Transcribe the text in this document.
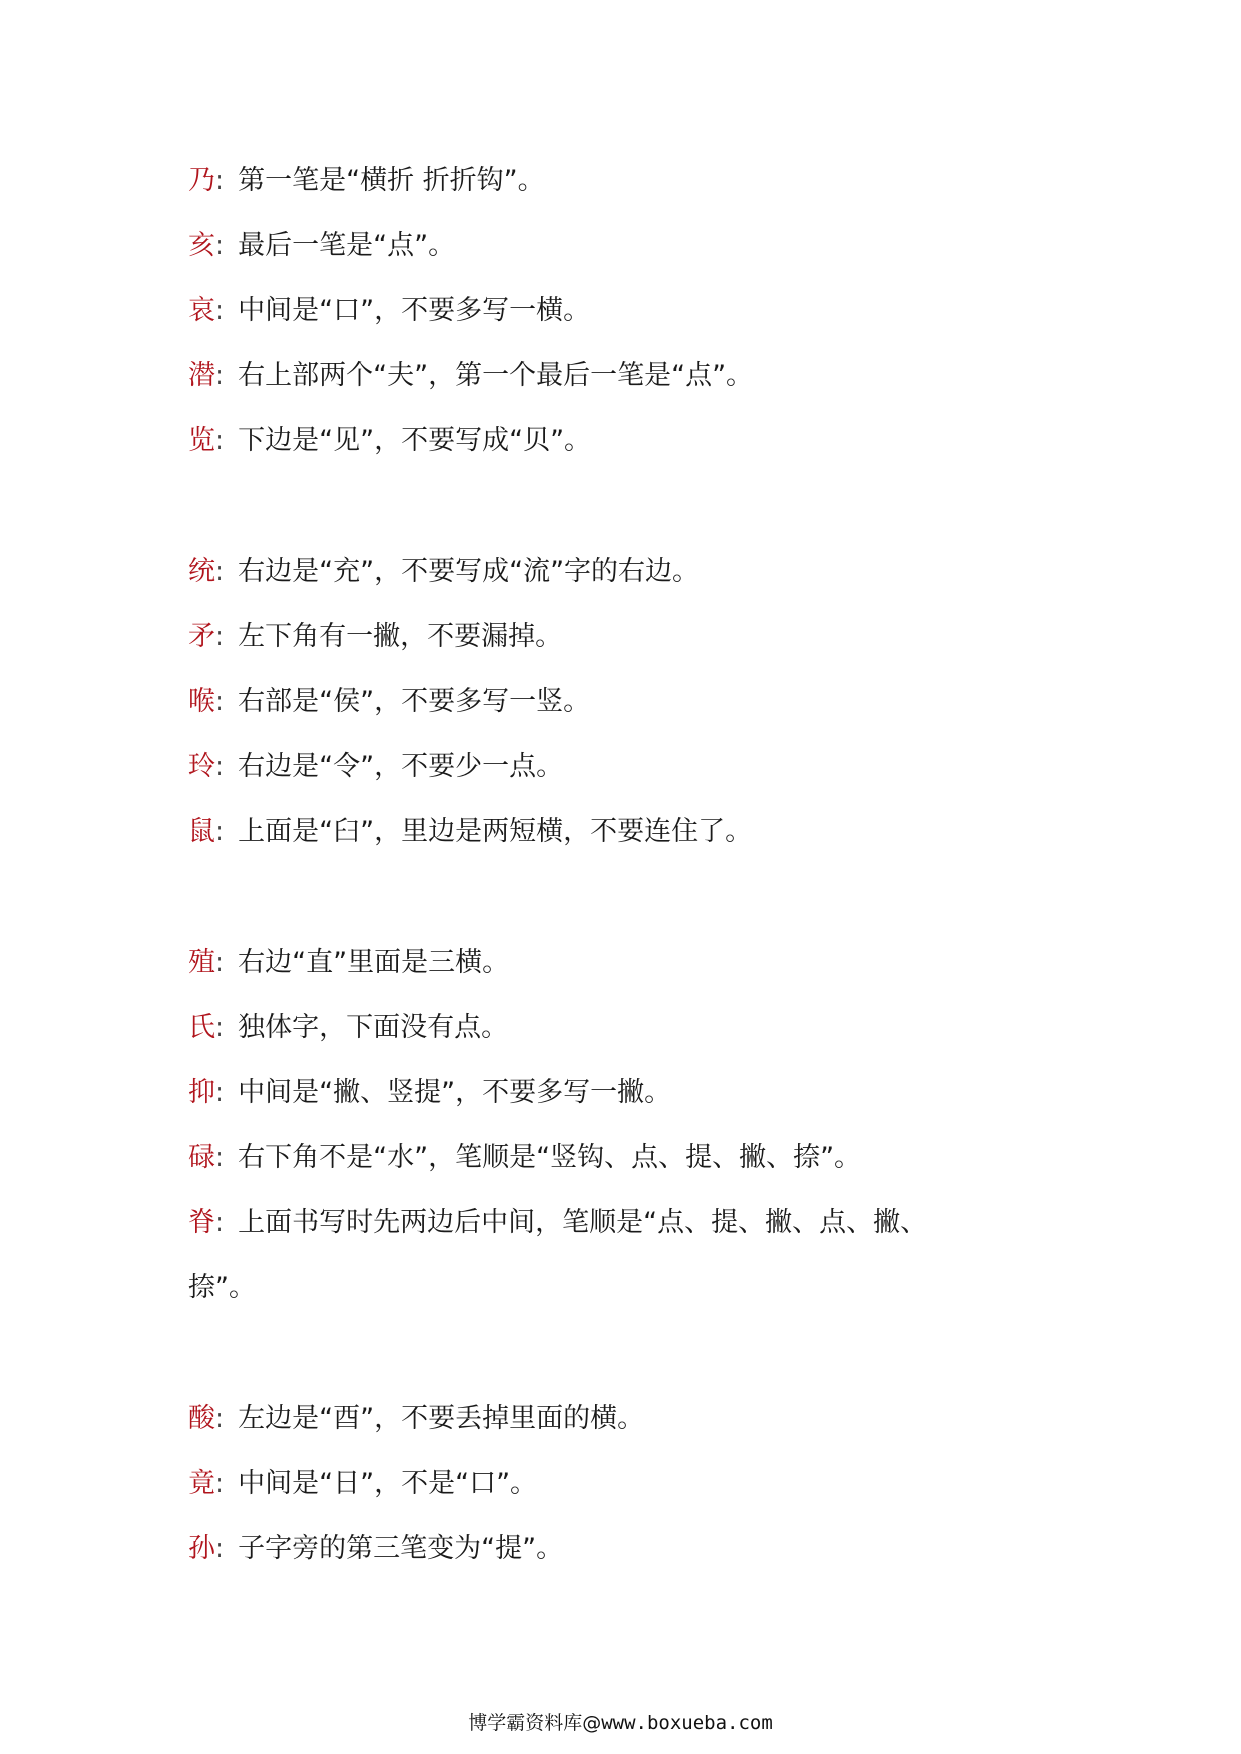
乃 : 第一笔是“横折 折折钩”。
亥 : 最后一笔是“点”。
哀 : 中间是“口”，不要多写一横。
潜 : 右上部两个“夫”，第一个最后一笔是“点”。
览 : 下边是“见”，不要写成“贝”。
统 : 右边是“充”，不要写成“流”字的右边。
矛 : 左下角有一撇，不要漏掉。
喉 : 右部是“侯”，不要多写一竖。
玲 : 右边是“令”，不要少一点。
鼠 : 上面是“臼”，里边是两短横，不要连住了。
殖 : 右边“直”里面是三横。
氏 : 独体字，下面没有点。
抑 : 中间是“撇、竖提”，不要多写一撇。
碌 : 右下角不是“水”，笔顺是“竖钩、点、提、撇、捺”。
脊: 上面书写时先两边后中间，笔顺是“点、提、撇、点、撇、捺”。
酸 : 左边是“酉”，不要丢掉里面的横。
竟 : 中间是“日”，不是“口”。
孙 : 子字旁的第三笔变为“提”。
博学霸资料库@www.boxueba.com
